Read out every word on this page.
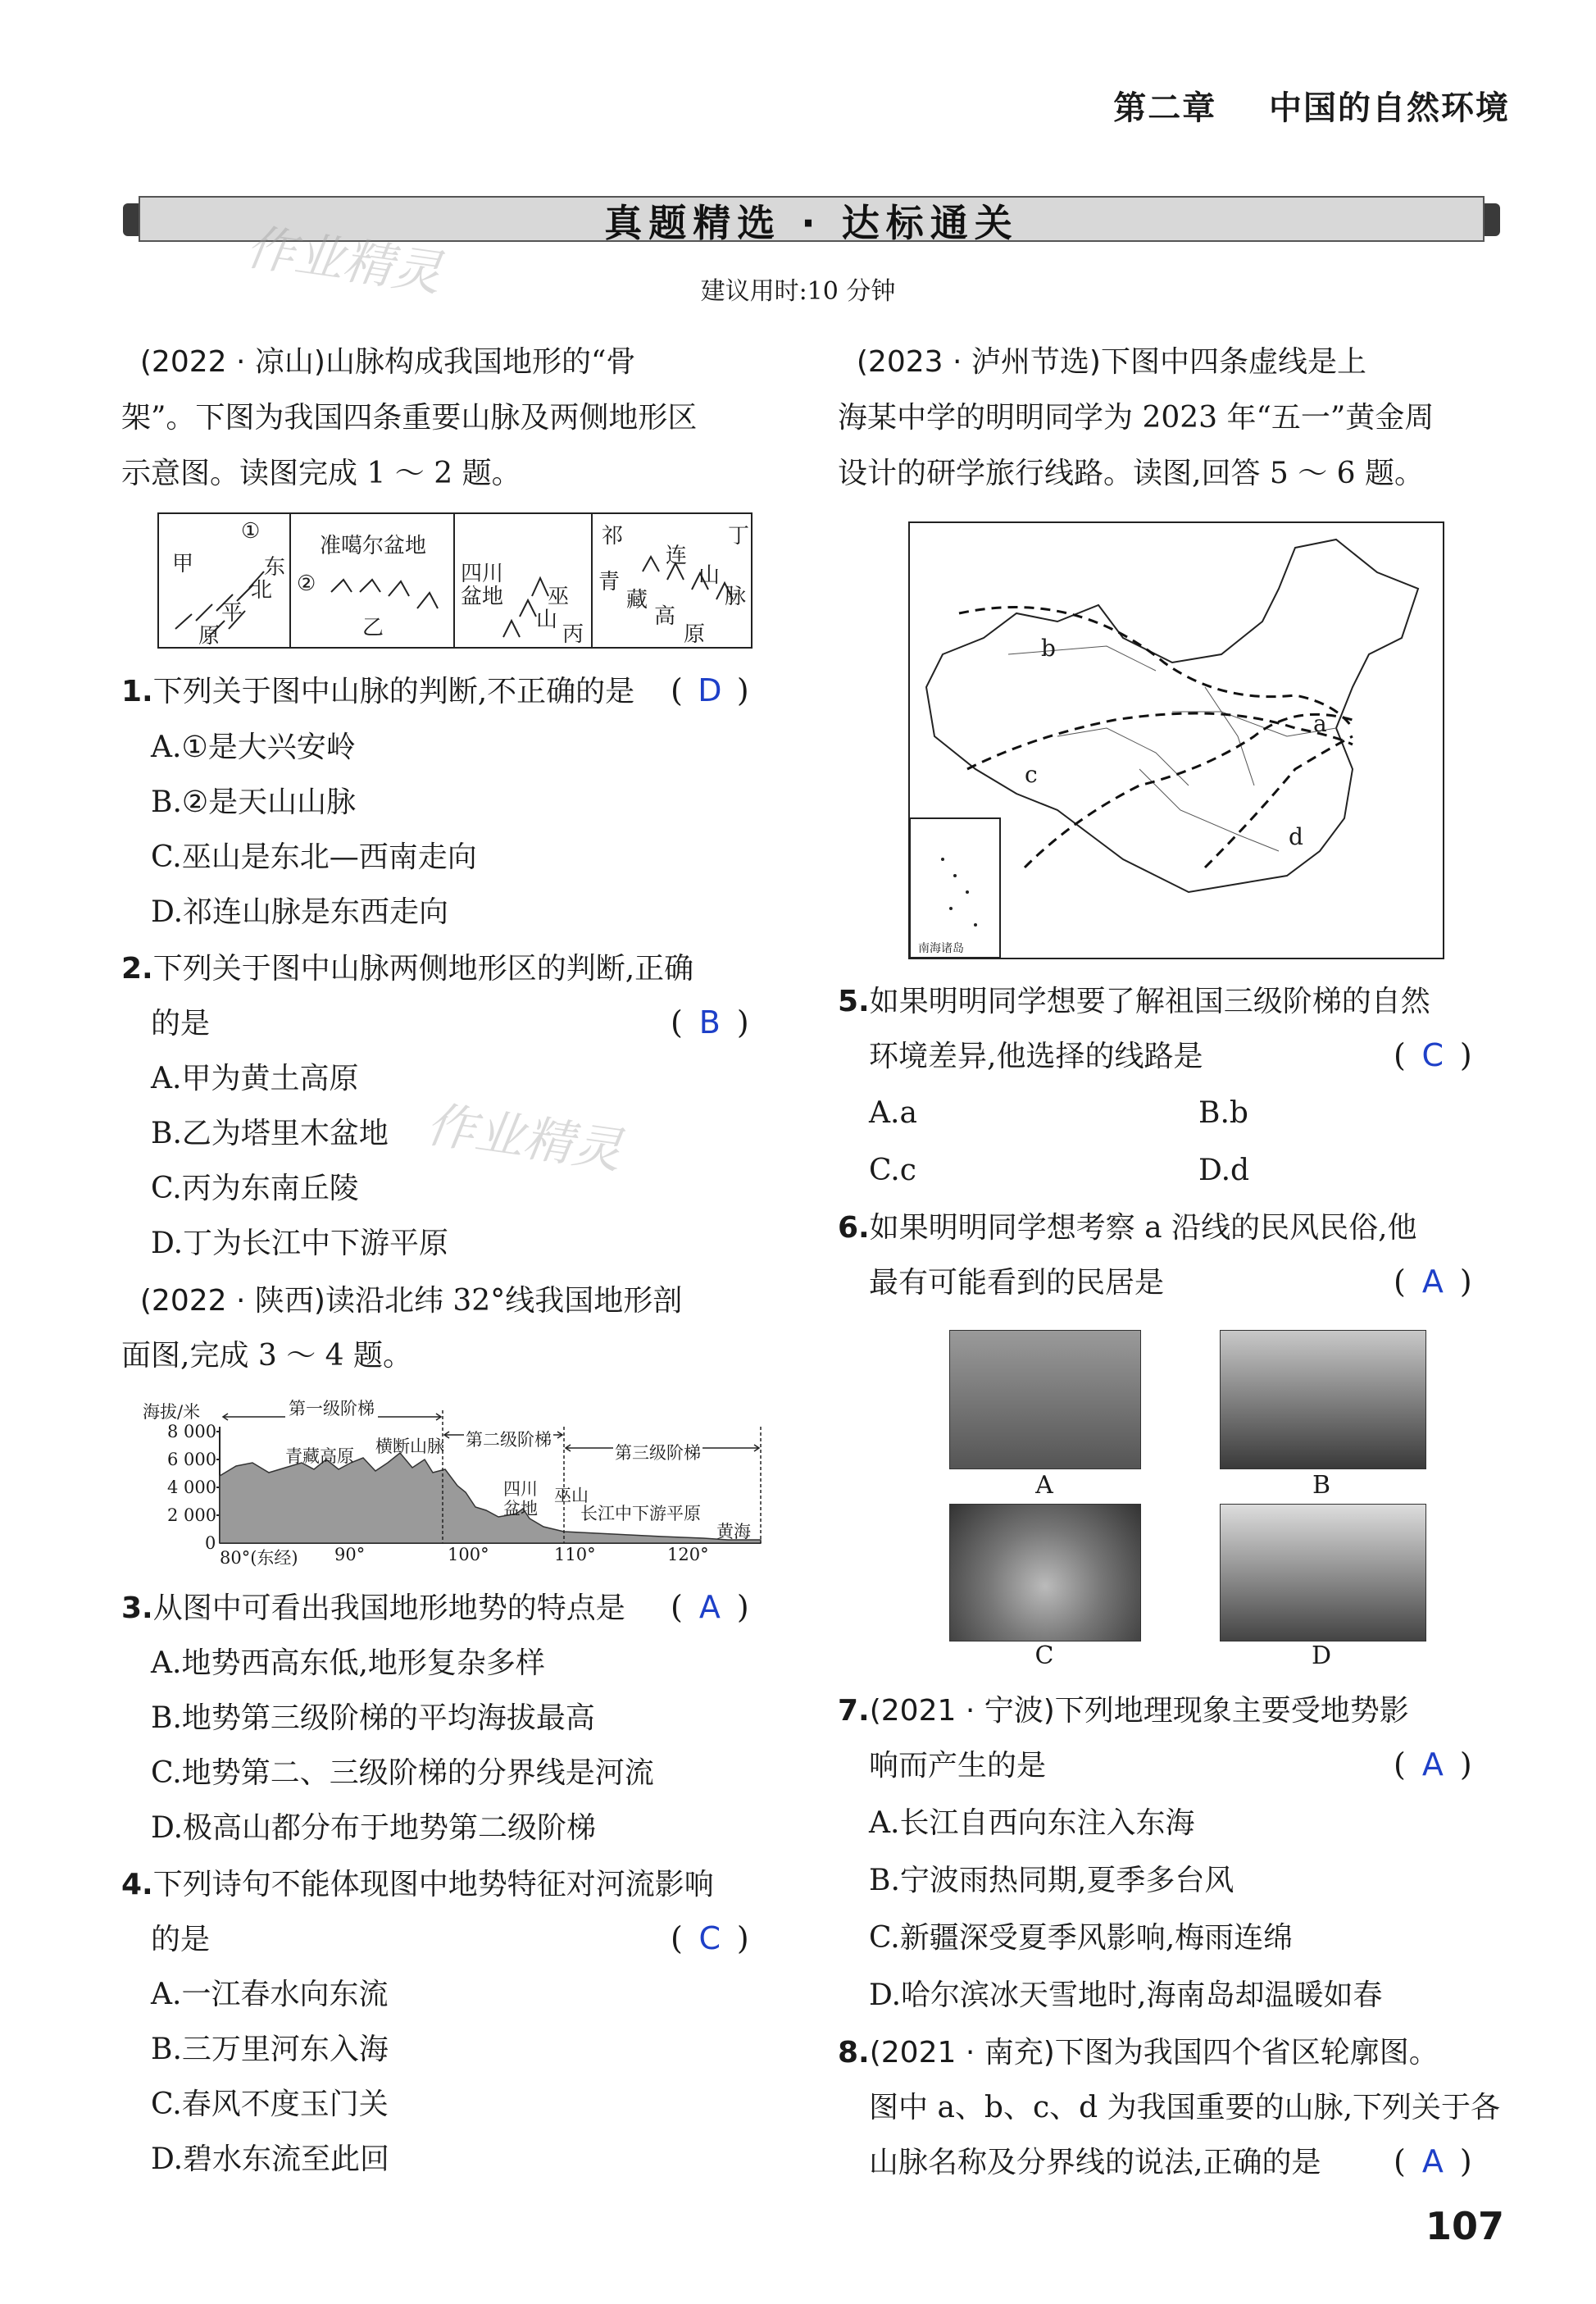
第二章 中国的自然环境
真题精选 · 达标通关
建议用时:10 分钟
作业精灵
作业精灵
(2022 · 凉山)山脉构成我国地形的“骨
架”。下图为我国四条重要山脉及两侧地形区
示意图。读图完成 1 ～ 2 题。
甲
①
东
北
平
原
准噶尔盆地
②
乙
四川
盆地 巫
山
丙
祁
连
山
脉
青
藏
高
原
丁
1.下列关于图中山脉的判断,不正确的是 ( D )
A.①是大兴安岭
B.②是天山山脉
C.巫山是东北—西南走向
D.祁连山脉是东西走向
2.下列关于图中山脉两侧地形区的判断,正确
的是	( B )
A.甲为黄土高原
B.乙为塔里木盆地
C.丙为东南丘陵
D.丁为长江中下游平原
(2022 · 陕西)读沿北纬 32°线我国地形剖
面图,完成 3 ～ 4 题。
海拔/米
8 000
6 000
4 000
2 000
0
80°(东经) 90°	100°	110°	120°
第一级阶梯
第二级阶梯
第三级阶梯
青藏高原 横断山脉
四川
盆地
巫山
长江中下游平原
黄海
3.从图中可看出我国地形地势的特点是 ( A )
A.地势西高东低,地形复杂多样
B.地势第三级阶梯的平均海拔最高
C.地势第二、三级阶梯的分界线是河流
D.极高山都分布于地势第二级阶梯
4.下列诗句不能体现图中地势特征对河流影响
的是	( C )
A.一江春水向东流
B.三万里河东入海
C.春风不度玉门关
D.碧水东流至此回
(2023 · 泸州节选)下图中四条虚线是上
海某中学的明明同学为 2023 年“五一”黄金周
设计的研学旅行线路。读图,回答 5 ～ 6 题。
b
a
c
d
南海诸岛
5.如果明明同学想要了解祖国三级阶梯的自然
环境差异,他选择的线路是	( C )
A.a	B.b
C.c	D.d
6.如果明明同学想考察 a 沿线的民风民俗,他
最有可能看到的民居是	( A )
A	B
C	D
7.(2021 · 宁波)下列地理现象主要受地势影
响而产生的是	( A )
A.长江自西向东注入东海
B.宁波雨热同期,夏季多台风
C.新疆深受夏季风影响,梅雨连绵
D.哈尔滨冰天雪地时,海南岛却温暖如春
8.(2021 · 南充)下图为我国四个省区轮廓图。
图中 a、b、c、d 为我国重要的山脉,下列关于各
山脉名称及分界线的说法,正确的是 ( A )
107
